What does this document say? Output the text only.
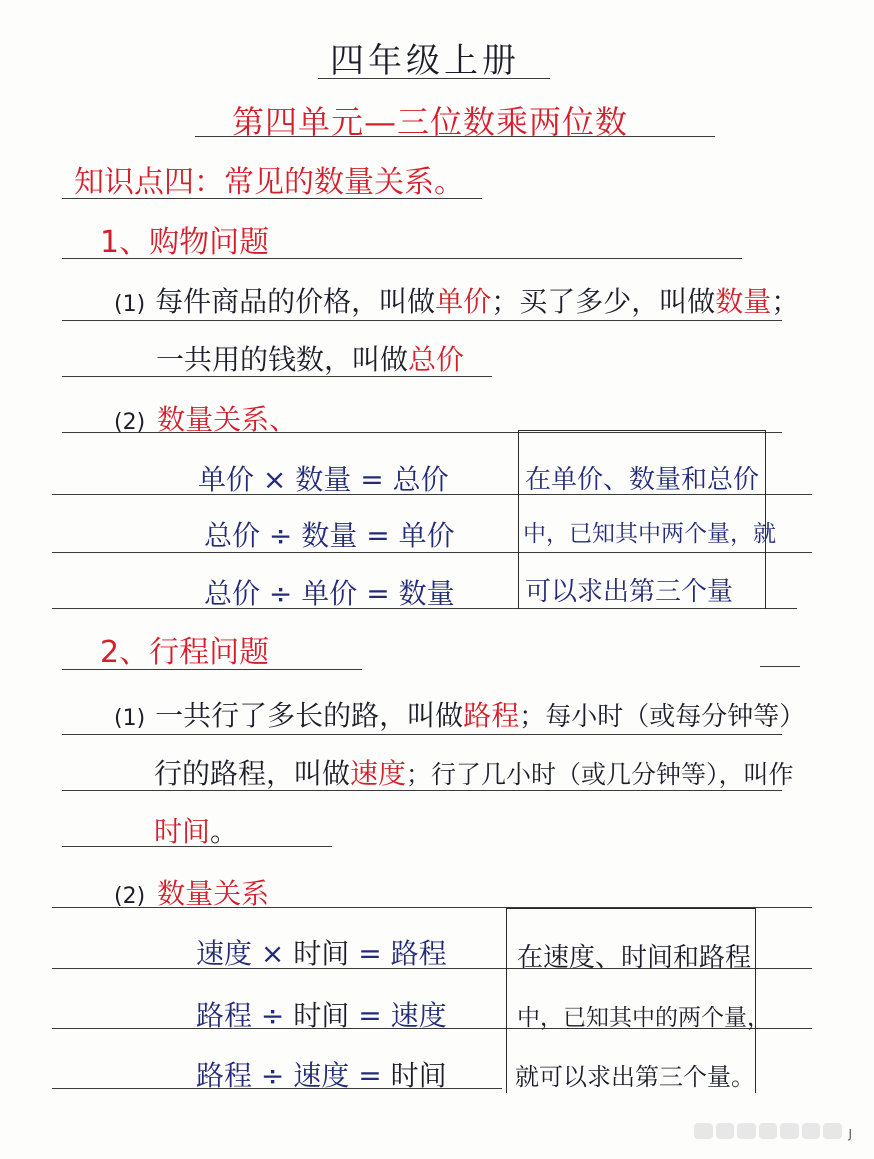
四年级上册
第四单元—三位数乘两位数
知识点四：常见的数量关系。
1、购物问题
(1) 每件商品的价格，叫做单价；买了多少，叫做数量；
一共用的钱数，叫做总价
(2) 数量关系、
单价 × 数量 = 总价
总价 ÷ 数量 = 单价
总价 ÷ 单价 = 数量
在单价、数量和总价
中，已知其中两个量，就
可以求出第三个量
2、行程问题
(1) 一共行了多长的路，叫做路程；每小时（或每分钟等）
行的路程，叫做速度；行了几小时（或几分钟等），叫作
时间。
(2) 数量关系
速度 × 时间 = 路程
路程 ÷ 时间 = 速度
路程 ÷ 速度 = 时间
在速度、时间和路程
中，已知其中的两个量，
就可以求出第三个量。
J
